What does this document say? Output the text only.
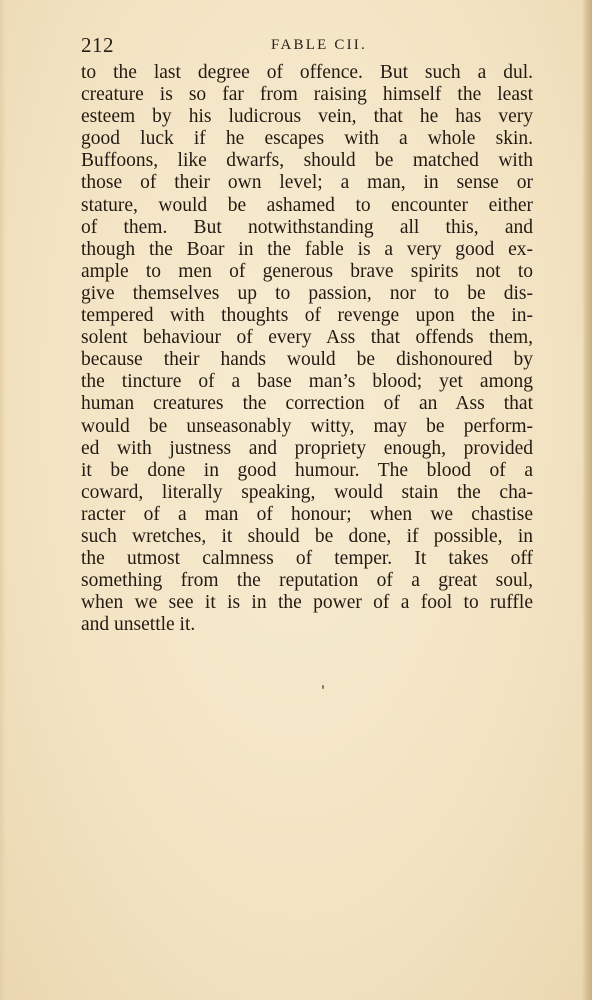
212	FABLE CII.
to the last degree of offence. But such a dul.
creature is so far from raising himself the least
esteem by his ludicrous vein, that he has very
good luck if he escapes with a whole skin.
Buffoons, like dwarfs, should be matched with
those of their own level; a man, in sense or
stature, would be ashamed to encounter either
of them. But notwithstanding all this, and
though the Boar in the fable is a very good ex-
ample to men of generous brave spirits not to
give themselves up to passion, nor to be dis-
tempered with thoughts of revenge upon the in-
solent behaviour of every Ass that offends them,
because their hands would be dishonoured by
the tincture of a base man’s blood; yet among
human creatures the correction of an Ass that
would be unseasonably witty, may be perform-
ed with justness and propriety enough, provided
it be done in good humour. The blood of a
coward, literally speaking, would stain the cha-
racter of a man of honour; when we chastise
such wretches, it should be done, if possible, in
the utmost calmness of temper. It takes off
something from the reputation of a great soul,
when we see it is in the power of a fool to ruffle
and unsettle it.
